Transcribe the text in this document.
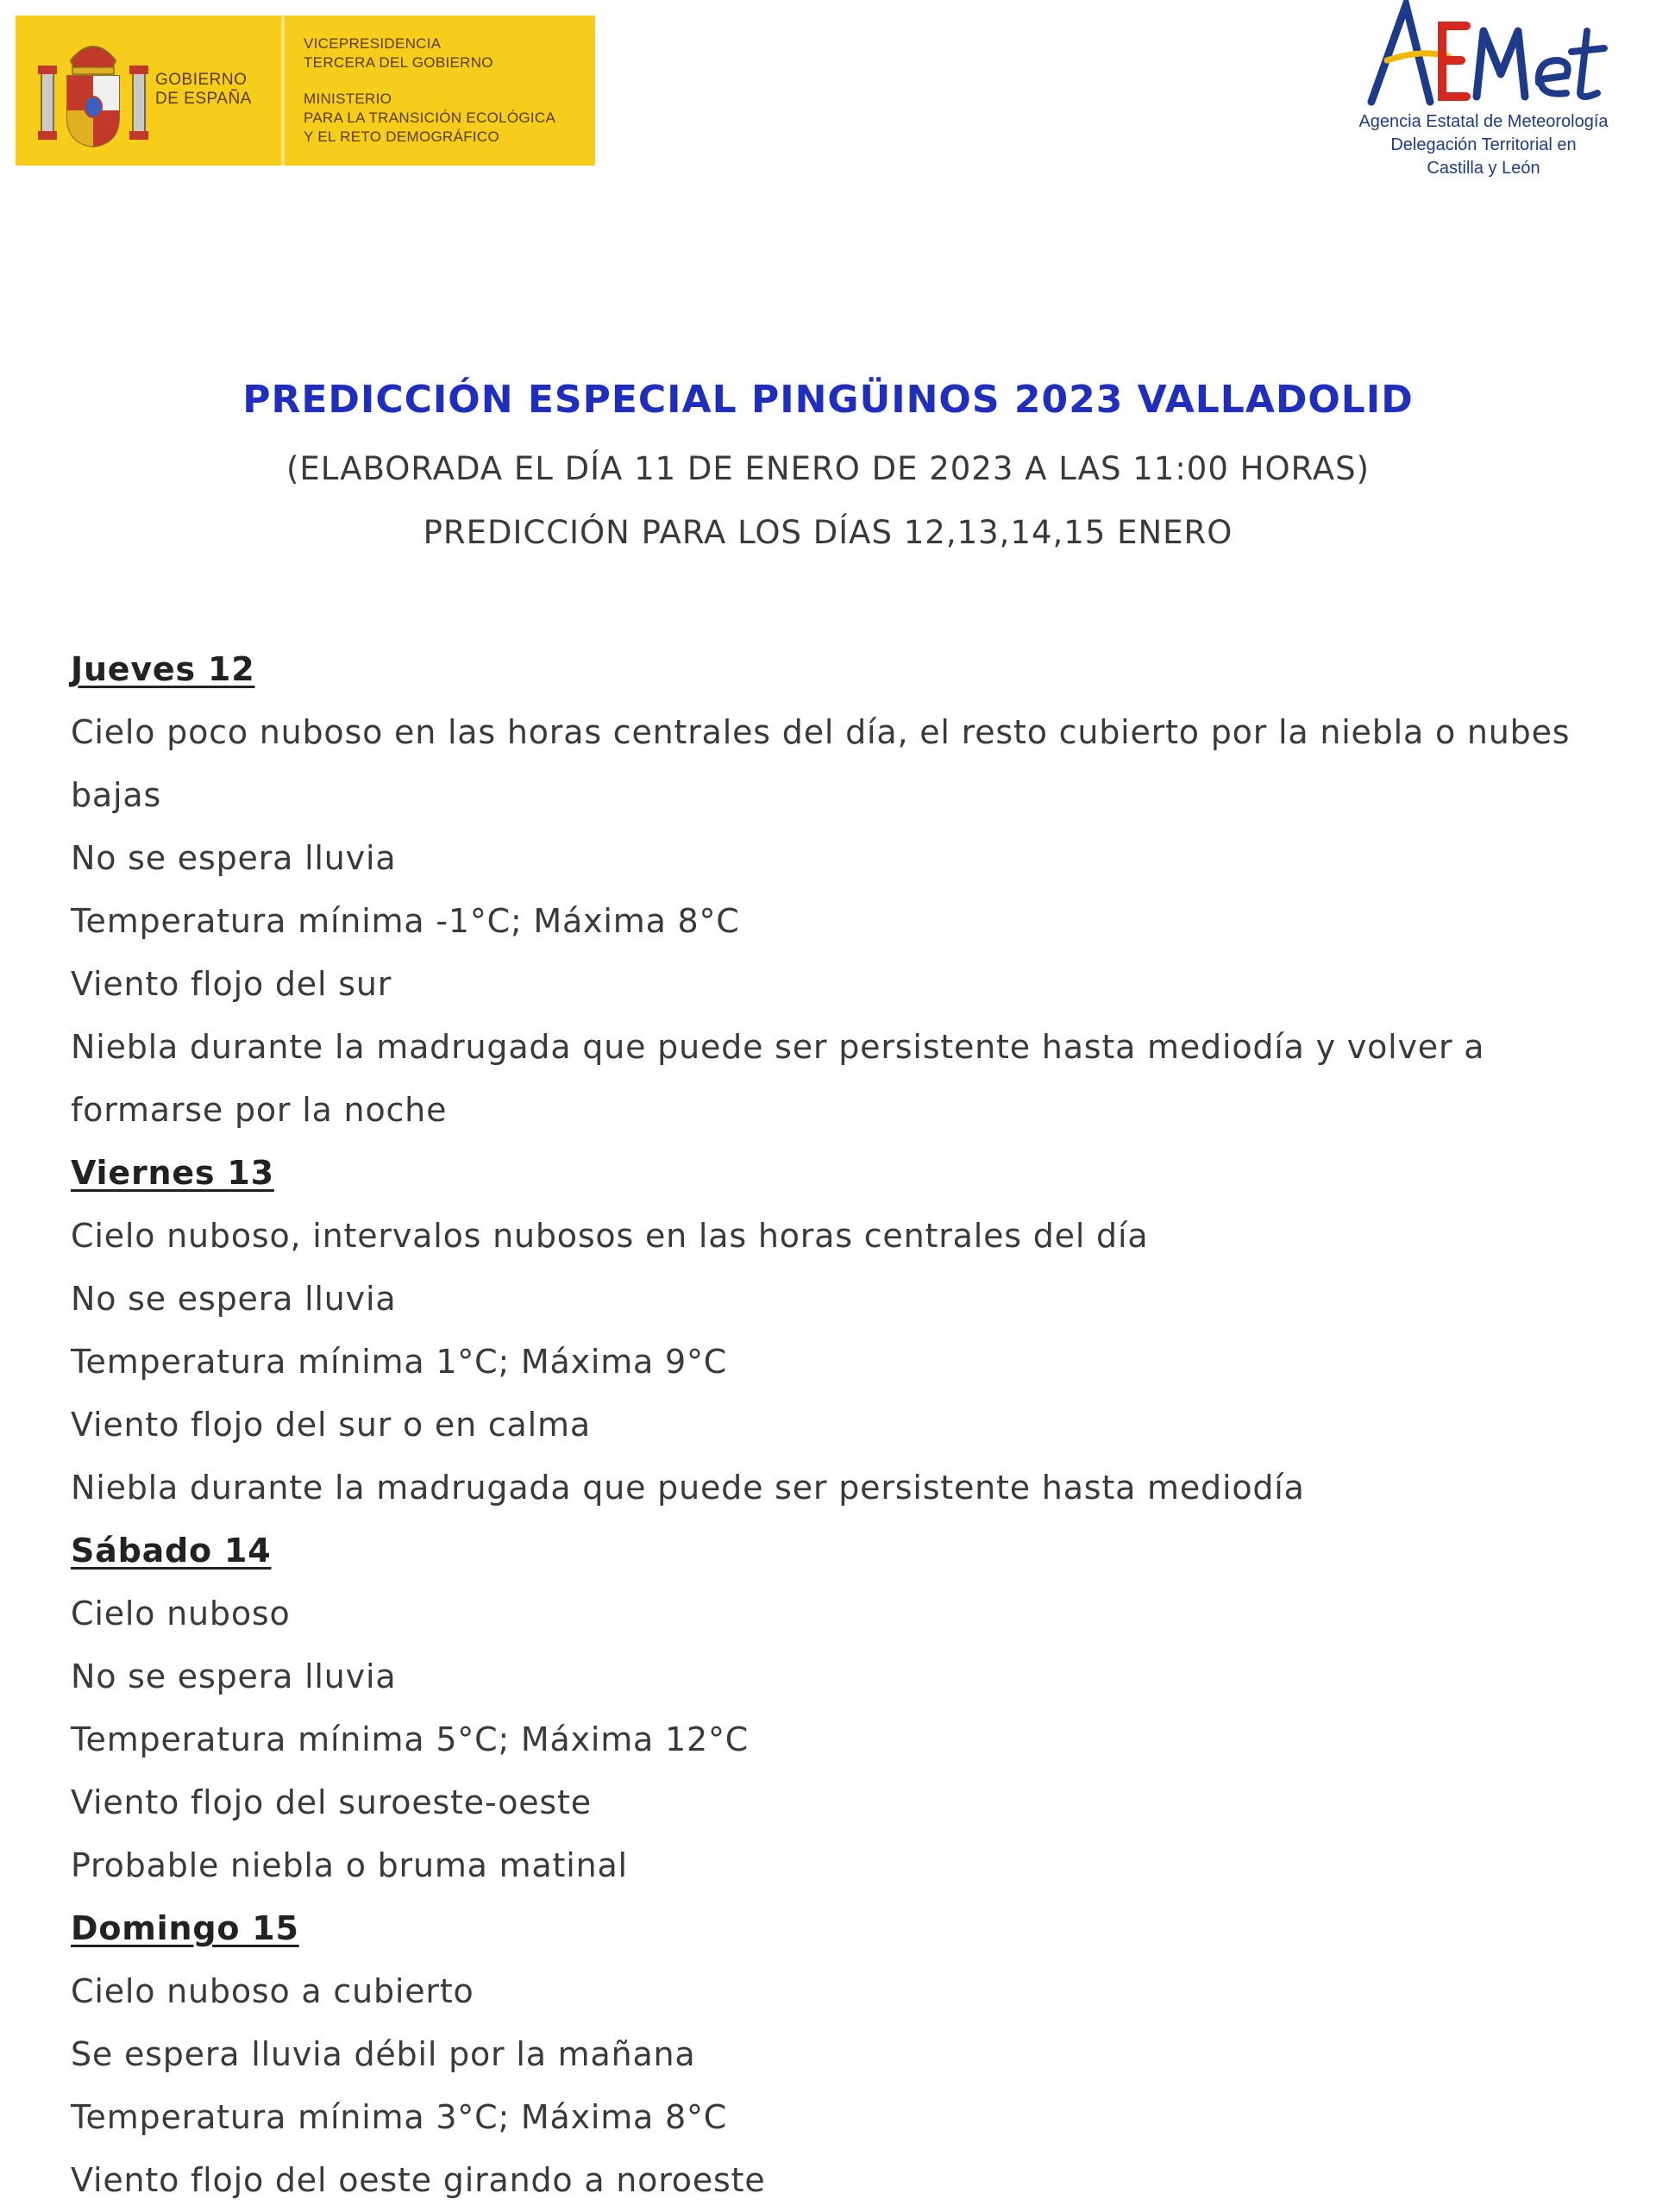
GOBIERNO
DE ESPAÑA
VICEPRESIDENCIA
TERCERA DEL GOBIERNO
MINISTERIO
PARA LA TRANSICIÓN ECOLÓGICA
Y EL RETO DEMOGRÁFICO
Agencia Estatal de Meteorología
Delegación Territorial en
Castilla y León
PREDICCIÓN ESPECIAL PINGÜINOS 2023 VALLADOLID
(ELABORADA EL DÍA 11 DE ENERO DE 2023 A LAS 11:00 HORAS)
PREDICCIÓN PARA LOS DÍAS 12,13,14,15 ENERO
Jueves 12
Cielo poco nuboso en las horas centrales del día, el resto cubierto por la niebla o nubes
bajas
No se espera lluvia
Temperatura mínima -1°C; Máxima 8°C
Viento flojo del sur
Niebla durante la madrugada que puede ser persistente hasta mediodía y volver a
formarse por la noche
Viernes 13
Cielo nuboso, intervalos nubosos en las horas centrales del día
No se espera lluvia
Temperatura mínima 1°C; Máxima 9°C
Viento flojo del sur o en calma
Niebla durante la madrugada que puede ser persistente hasta mediodía
Sábado 14
Cielo nuboso
No se espera lluvia
Temperatura mínima 5°C; Máxima 12°C
Viento flojo del suroeste-oeste
Probable niebla o bruma matinal
Domingo 15
Cielo nuboso a cubierto
Se espera lluvia débil por la mañana
Temperatura mínima 3°C; Máxima 8°C
Viento flojo del oeste girando a noroeste
